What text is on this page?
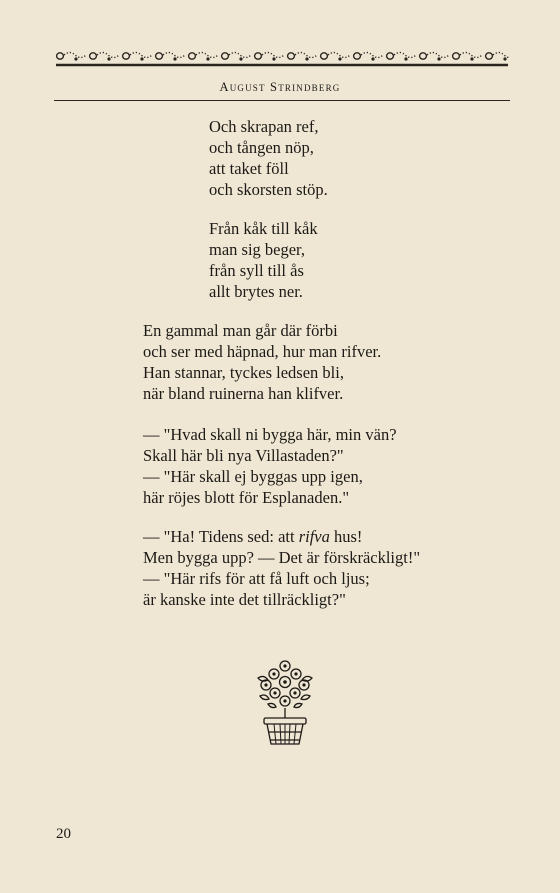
August Strindberg
Och skrapan ref,
och tången nöp,
att taket föll
och skorsten stöp.
Från kåk till kåk
man sig beger,
från syll till ås
allt brytes ner.
En gammal man går där förbi
och ser med häpnad, hur man rifver.
Han stannar, tyckes ledsen bli,
när bland ruinerna han klifver.
— "Hvad skall ni bygga här, min vän?
Skall här bli nya Villastaden?"
— "Här skall ej byggas upp igen,
här röjes blott för Esplanaden."
— "Ha! Tidens sed: att rifva hus!
Men bygga upp? — Det är förskräckligt!"
— "Här rifs för att få luft och ljus;
är kanske inte det tillräckligt?"
20
